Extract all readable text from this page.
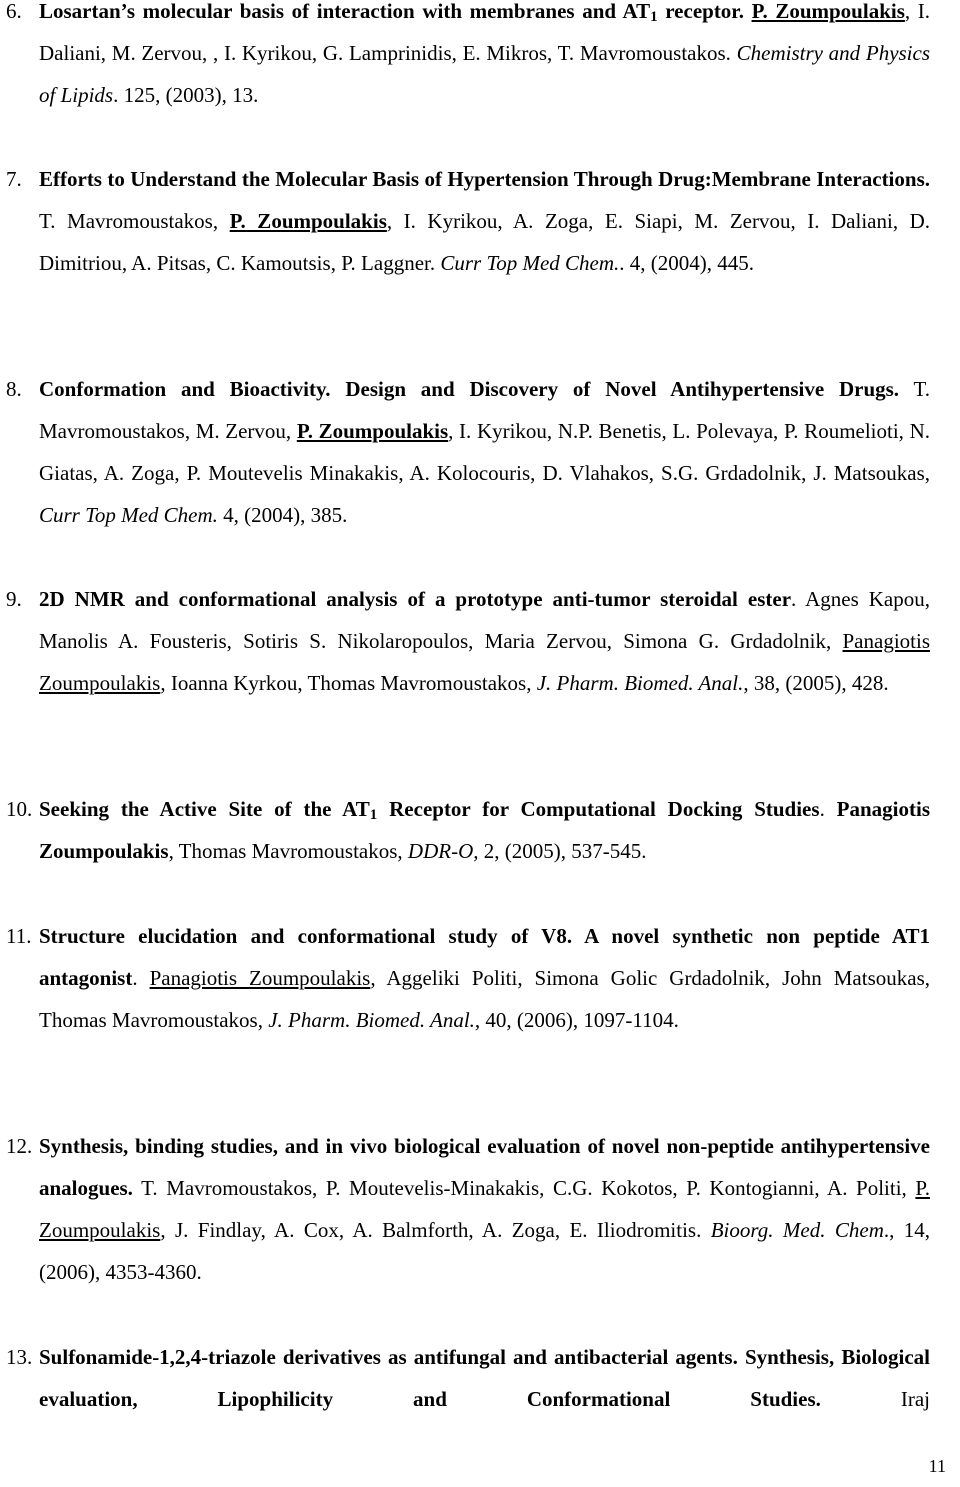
6. Losartan’s molecular basis of interaction with membranes and $AT_1$ receptor. P. Zoumpoulakis, I. Daliani, M. Zervou, , I. Kyrikou, G. Lamprinidis, E. Mikros, T. Mavromoustakos. Chemistry and Physics of Lipids. 125, (2003), 13.
7. Efforts to Understand the Molecular Basis of Hypertension Through Drug:Membrane Interactions. T. Mavromoustakos, P. Zoumpoulakis, I. Kyrikou, A. Zoga, E. Siapi, M. Zervou, I. Daliani, D. Dimitriou, A. Pitsas, C. Kamoutsis, P. Laggner. Curr Top Med Chem.. 4, (2004), 445.
8. Conformation and Bioactivity. Design and Discovery of Novel Antihypertensive Drugs. T. Mavromoustakos, M. Zervou, P. Zoumpoulakis, I. Kyrikou, N.P. Benetis, L. Polevaya, P. Roumelioti, N. Giatas, A. Zoga, P. Moutevelis Minakakis, A. Kolocouris, D. Vlahakos, S.G. Grdadolnik, J. Matsoukas, Curr Top Med Chem. 4, (2004), 385.
9. 2D NMR and conformational analysis of a prototype anti-tumor steroidal ester. Agnes Kapou, Manolis A. Fousteris, Sotiris S. Nikolaropoulos, Maria Zervou, Simona G. Grdadolnik, Panagiotis Zoumpoulakis, Ioanna Kyrkou, Thomas Mavromoustakos, J. Pharm. Biomed. Anal., 38, (2005), 428.
10. Seeking the Active Site of the $AT_1$ Receptor for Computational Docking Studies. Panagiotis Zoumpoulakis, Thomas Mavromoustakos, DDR-O, 2, (2005), 537-545.
11. Structure elucidation and conformational study of V8. A novel synthetic non peptide AT1 antagonist. Panagiotis Zoumpoulakis, Aggeliki Politi, Simona Golic Grdadolnik, John Matsoukas, Thomas Mavromoustakos, J. Pharm. Biomed. Anal., 40, (2006), 1097-1104.
12. Synthesis, binding studies, and in vivo biological evaluation of novel non-peptide antihypertensive analogues. T. Mavromoustakos, P. Moutevelis-Minakakis, C.G. Kokotos, P. Kontogianni, A. Politi, P. Zoumpoulakis, J. Findlay, A. Cox, A. Balmforth, A. Zoga, E. Iliodromitis. Bioorg. Med. Chem., 14, (2006), 4353-4360.
13. Sulfonamide-1,2,4-triazole derivatives as antifungal and antibacterial agents. Synthesis, Biological evaluation, Lipophilicity and Conformational Studies. Iraj
11
